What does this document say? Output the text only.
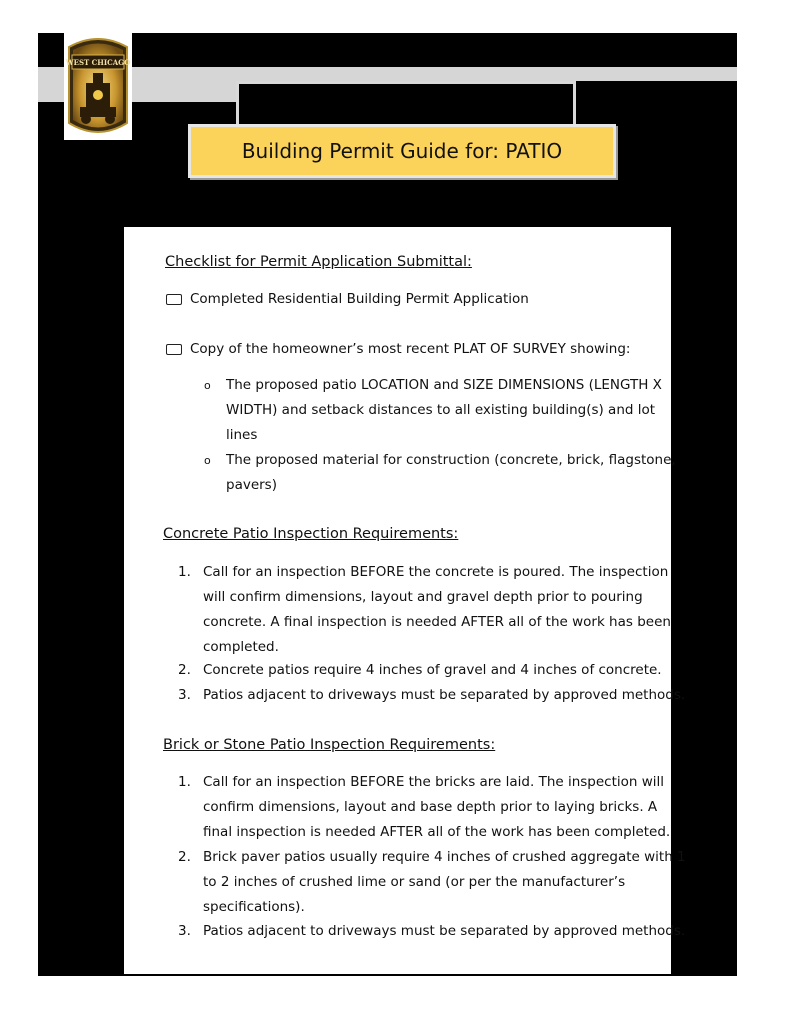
WEST CHICAGO
Building Permit Guide for: PATIO
Checklist for Permit Application Submittal:
Completed Residential Building Permit Application
Copy of the homeowner’s most recent PLAT OF SURVEY showing:
o The proposed patio LOCATION and SIZE DIMENSIONS (LENGTH X
WIDTH) and setback distances to all existing building(s) and lot
lines
o The proposed material for construction (concrete, brick, flagstone,
pavers)
Concrete Patio Inspection Requirements:
1. Call for an inspection BEFORE the concrete is poured. The inspection
will confirm dimensions, layout and gravel depth prior to pouring
concrete. A final inspection is needed AFTER all of the work has been
completed.
2. Concrete patios require 4 inches of gravel and 4 inches of concrete.
3. Patios adjacent to driveways must be separated by approved methods.
Brick or Stone Patio Inspection Requirements:
1. Call for an inspection BEFORE the bricks are laid. The inspection will
confirm dimensions, layout and base depth prior to laying bricks. A
final inspection is needed AFTER all of the work has been completed.
2. Brick paver patios usually require 4 inches of crushed aggregate with 1
to 2 inches of crushed lime or sand (or per the manufacturer’s
specifications).
3. Patios adjacent to driveways must be separated by approved methods.
